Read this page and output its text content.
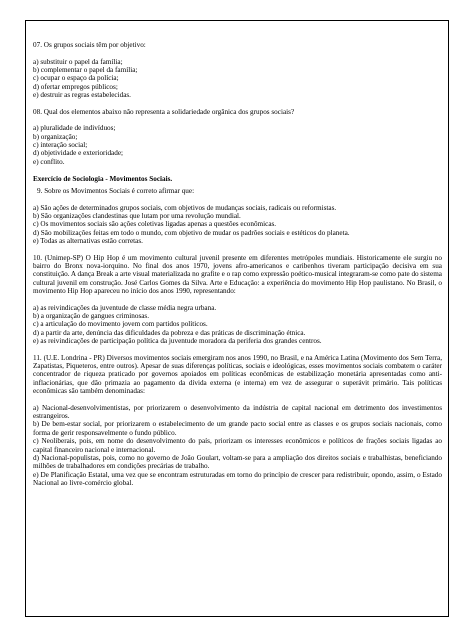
07. Os grupos sociais têm por objetivo:

a) substituir o papel da família;
b) complementar o papel da família;
c) ocupar o espaço da polícia;
d) ofertar empregos públicos;
e) destruir as regras estabelecidas.

08. Qual dos elementos abaixo não representa a solidariedade orgânica dos grupos sociais?

a) pluralidade de indivíduos;
b) organização;
c) interação social;
d) objetividade e exterioridade;
e) conflito.

Exercício de Sociologia - Movimentos Sociais.

9. Sobre os Movimentos Sociais é correto afirmar que:

a) São ações de determinados grupos sociais, com objetivos de mudanças sociais, radicais ou reformistas.
b) São organizações clandestinas que lutam por uma revolução mundial.
c) Os movimentos sociais são ações coletivas ligadas apenas a questões econômicas.
d) São mobilizações feitas em todo o mundo, com objetivo de mudar os padrões sociais e estéticos do planeta.
e) Todas as alternativas estão corretas.

10. (Unimep-SP) O Hip Hop é um movimento cultural juvenil presente em diferentes metrópoles mundiais. Historicamente ele surgiu no bairro do Bronx nova-iorquino. No final dos anos 1970, jovens afro-americanos e caribenhos tiveram participação decisiva em sua constituição. A dança Break a arte visual materializada no grafite e o rap como expressão poético-musical integraram-se como pate do sistema cultural juvenil em construção. José Carlos Gomes da Silva. Arte e Educação: a experiência do movimento Hip Hop paulistano. No Brasil, o movimento Hip Hop apareceu no início dos anos 1990, representando:

a) as reivindicações da juventude de classe média negra urbana.
b) a organização de gangues criminosas.
c) a articulação do movimento jovem com partidos políticos.
d) a partir da arte, denúncia das dificuldades da pobreza e das práticas de discriminação étnica.
e) as reivindicações de participação política da juventude moradora da periferia dos grandes centros.

11. (U.E. Londrina - PR) Diversos movimentos sociais emergiram nos anos 1990, no Brasil, e na América Latina (Movimento dos Sem Terra, Zapatistas, Piqueteros, entre outros). Apesar de suas diferenças políticas, sociais e ideológicas, esses movimentos sociais combatem o caráter concentrador de riqueza praticado por governos apoiados em políticas econômicas de estabilização monetária apresentadas como anti-inflacionárias, que dão primazia ao pagamento da dívida externa (e interna) em vez de assegurar o superávit primário. Tais políticas econômicas são também denominadas:

a) Nacional-desenvolvimentistas, por priorizarem o desenvolvimento da indústria de capital nacional em detrimento dos investimentos estrangeiros.
b) De bem-estar social, por priorizarem o estabelecimento de um grande pacto social entre as classes e os grupos sociais nacionais, como forma de gerir responsavelmente o fundo público.
c) Neoliberais, pois, em nome do desenvolvimento do país, priorizam os interesses econômicos e políticos de frações sociais ligadas ao capital financeiro nacional e internacional.
d) Nacional-populistas, pois, como no governo de João Goulart, voltam-se para a ampliação dos direitos sociais e trabalhistas, beneficiando milhões de trabalhadores em condições precárias de trabalho.
e) De Planificação Estatal, uma vez que se encontram estruturadas em torno do princípio de crescer para redistribuir, opondo, assim, o Estado Nacional ao livre-comércio global.
